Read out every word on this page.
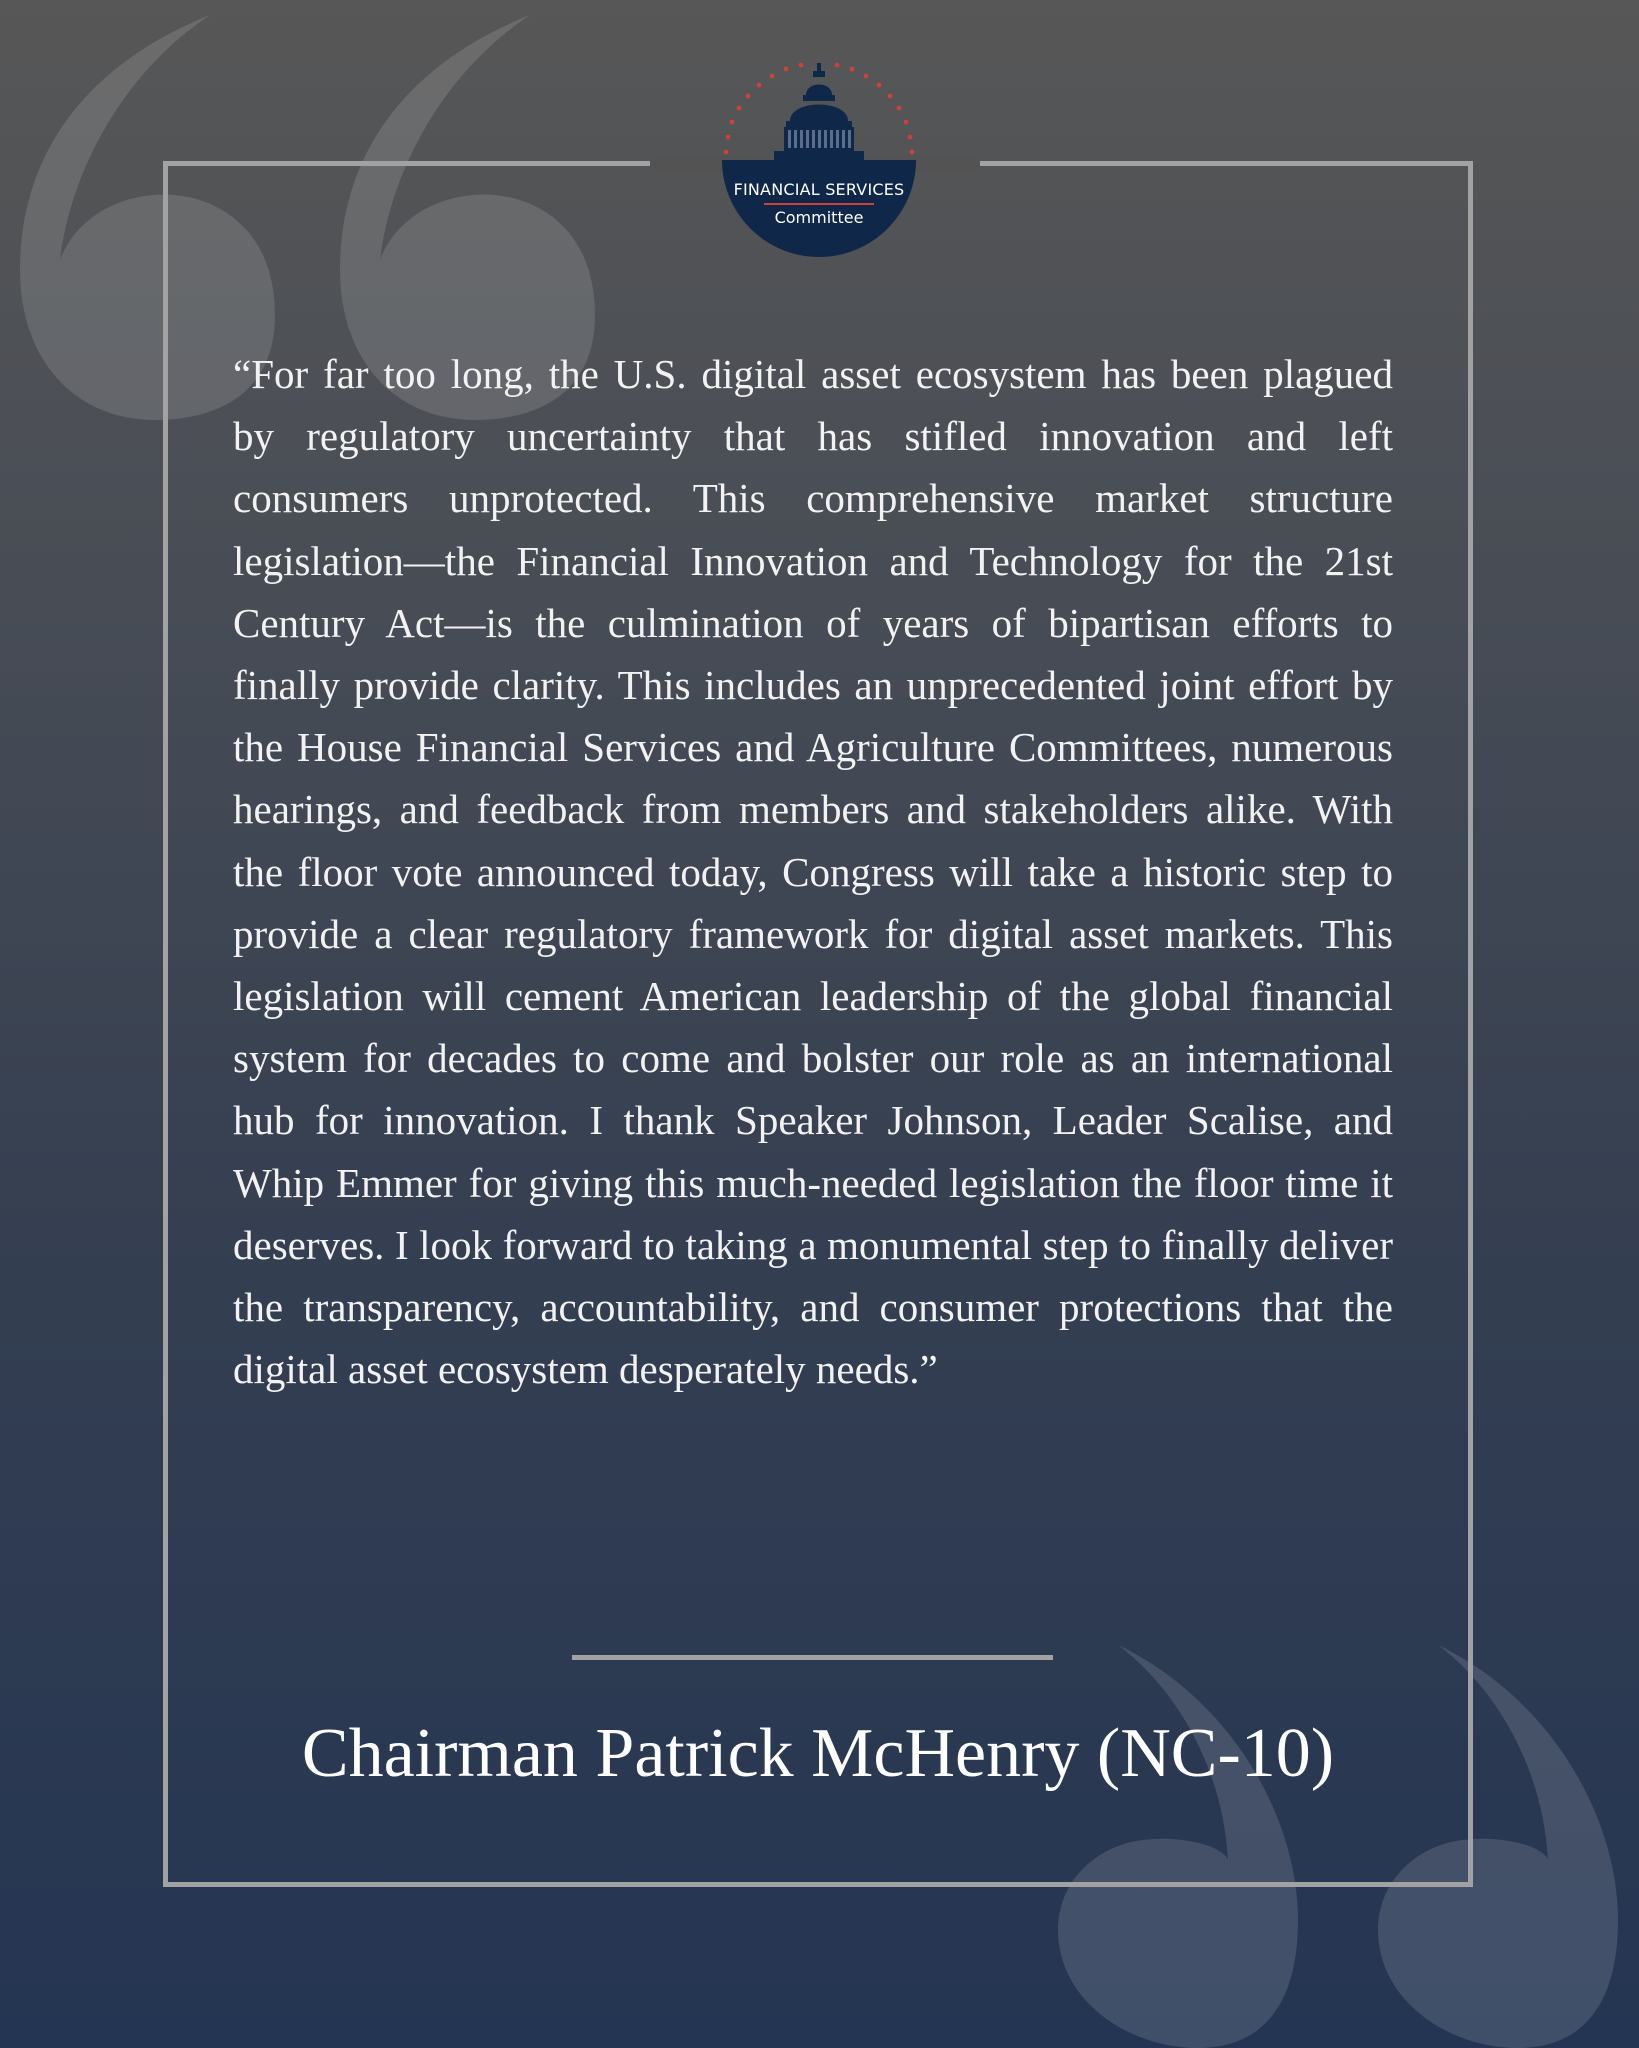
FINANCIAL SERVICES
Committee

“For far too long, the U.S. digital asset ecosystem has been plagued by regulatory uncertainty that has stifled innovation and left consumers unprotected. This comprehensive market structure legislation—the Financial Innovation and Technology for the 21st Century Act—is the culmination of years of bipartisan efforts to finally provide clarity. This includes an unprecedented joint effort by the House Financial Services and Agriculture Committees, numerous hearings, and feedback from members and stakeholders alike. With the floor vote announced today, Congress will take a historic step to provide a clear regulatory framework for digital asset markets. This legislation will cement American leadership of the global financial system for decades to come and bolster our role as an international hub for innovation. I thank Speaker Johnson, Leader Scalise, and Whip Emmer for giving this much-needed legislation the floor time it deserves. I look forward to taking a monumental step to finally deliver the transparency, accountability, and consumer protections that the digital asset ecosystem desperately needs.”

Chairman Patrick McHenry (NC-10)
